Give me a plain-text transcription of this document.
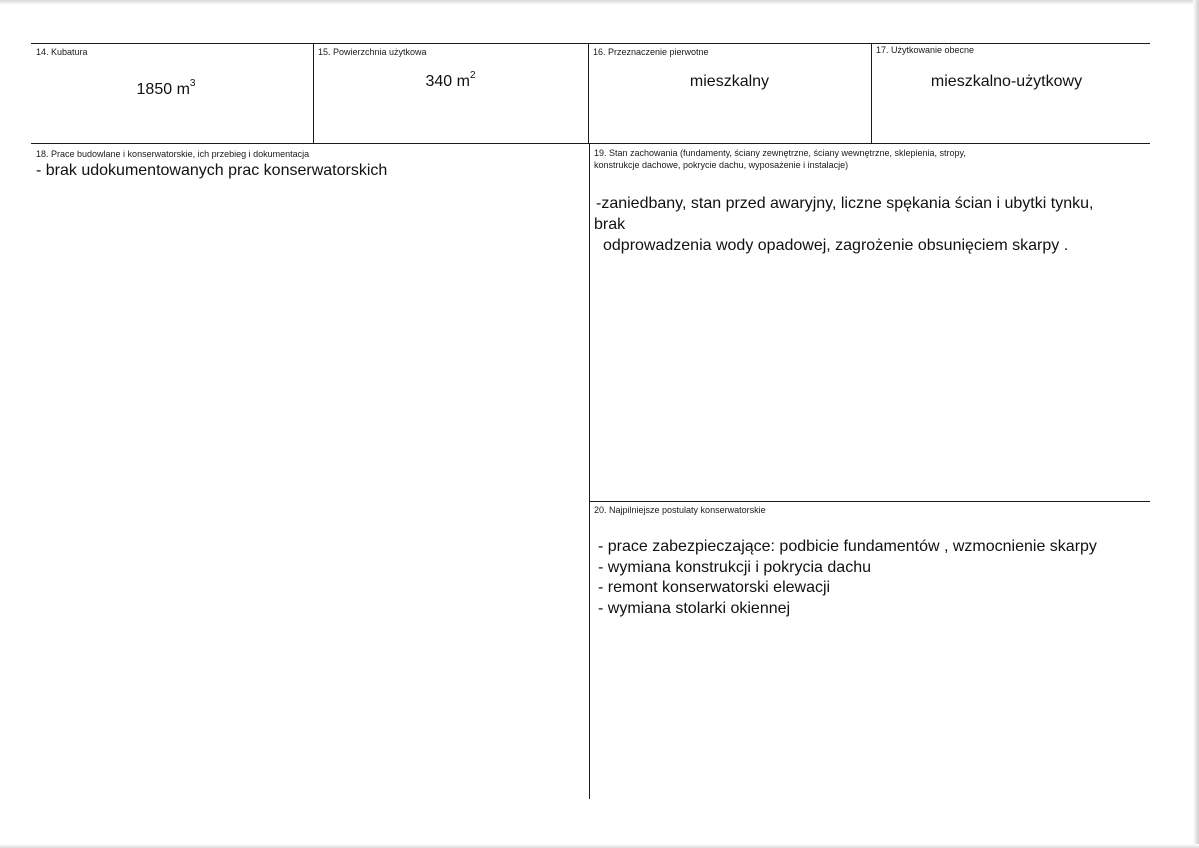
14. Kubatura
1850 $m^3$
15. Powierzchnia użytkowa
340 $m^2$
16. Przeznaczenie pierwotne
mieszkalny
17. Użytkowanie obecne
mieszkalno-użytkowy
18. Prace budowlane i konserwatorskie, ich przebieg i dokumentacja
- brak udokumentowanych prac konserwatorskich
19. Stan zachowania (fundamenty, ściany zewnętrzne, ściany wewnętrzne, sklepienia, stropy,
konstrukcje dachowe, pokrycie dachu, wyposażenie i instalacje)
-zaniedbany, stan przed awaryjny, liczne spękania ścian i ubytki tynku,
brak
odprowadzenia wody opadowej, zagrożenie obsunięciem skarpy .
20. Najpilniejsze postulaty konserwatorskie
- prace zabezpieczające: podbicie fundamentów , wzmocnienie skarpy
- wymiana konstrukcji i pokrycia dachu
- remont konserwatorski elewacji
- wymiana stolarki okiennej
